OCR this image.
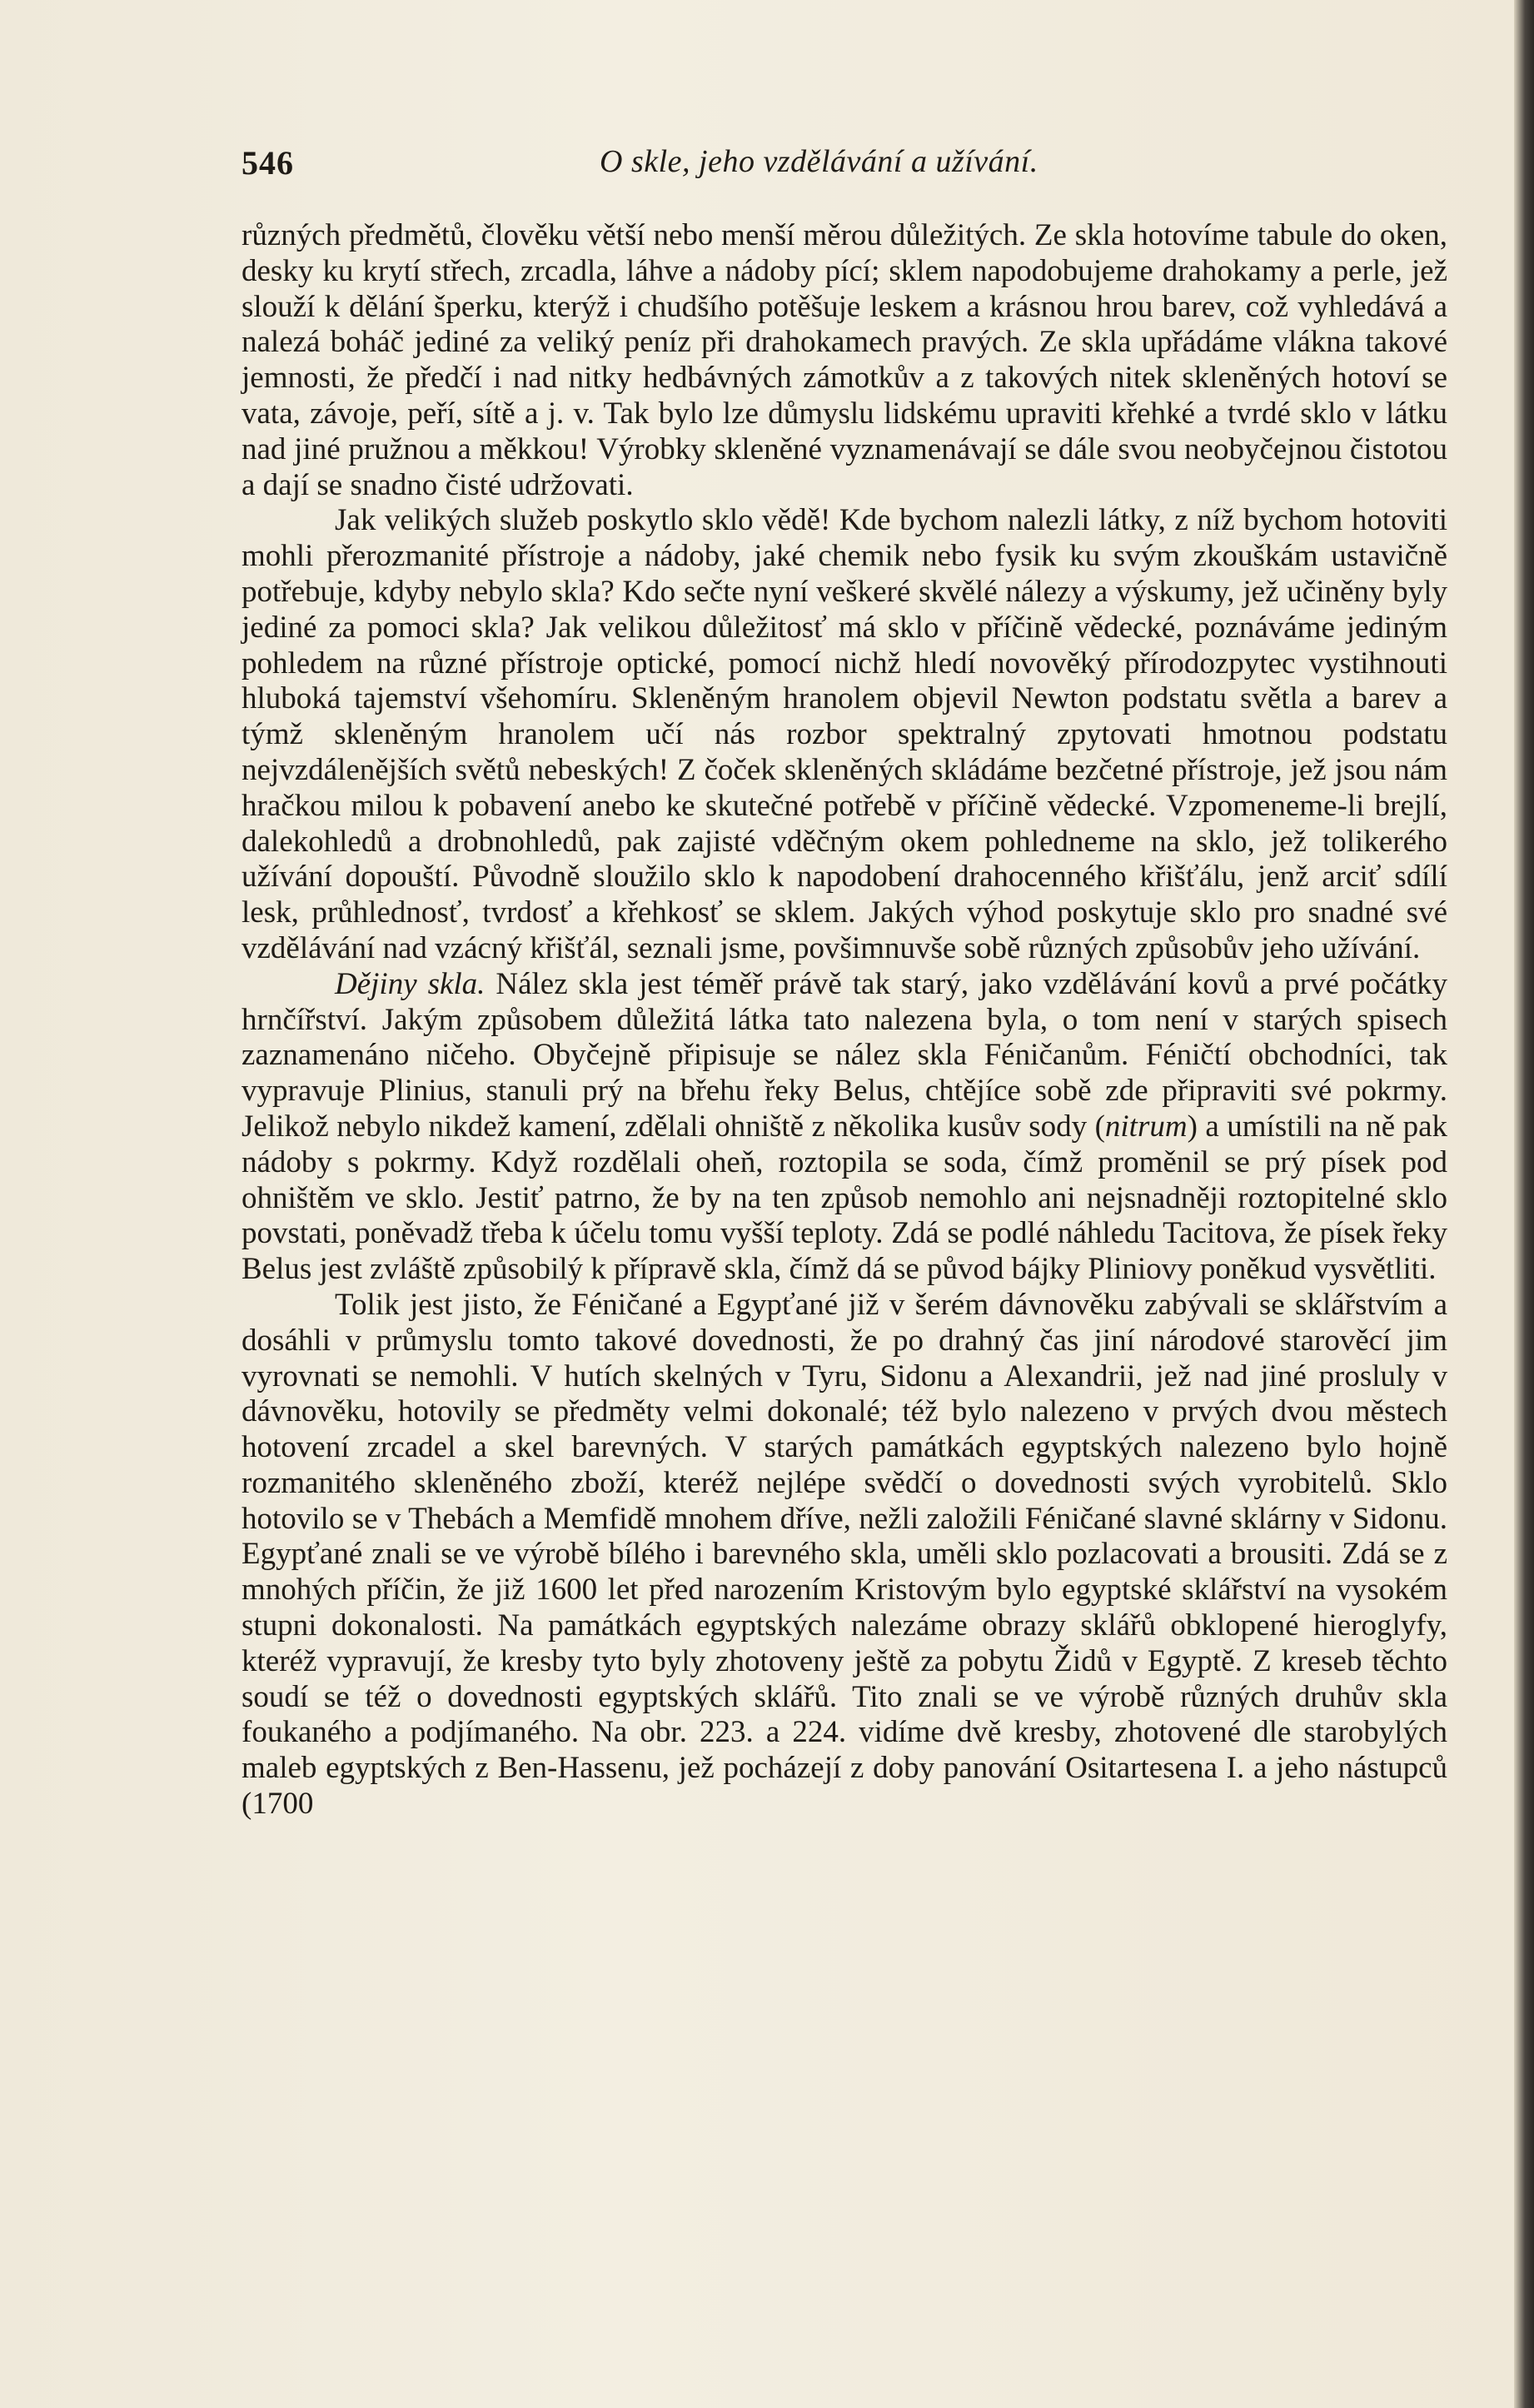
546	O skle, jeho vzdělávání a užívání.

různých předmětů, člověku větší nebo menší měrou důležitých. Ze skla hotovíme tabule do oken, desky ku krytí střech, zrcadla, láhve a nádoby pící; sklem napodobujeme drahokamy a perle, jež slouží k dělání šperku, kterýž i chudšího potěšuje leskem a krásnou hrou barev, což vyhledává a nalezá boháč jediné za veliký peníz při drahokamech pravých. Ze skla upřádáme vlákna takové jemnosti, že předčí i nad nitky hedbávných zámotkův a z takových nitek skleněných hotoví se vata, závoje, peří, sítě a j. v. Tak bylo lze důmyslu lidskému upraviti křehké a tvrdé sklo v látku nad jiné pružnou a měkkou! Výrobky skleněné vyznamenávají se dále svou neobyčejnou čistotou a dají se snadno čisté udržovati.

Jak velikých služeb poskytlo sklo vědě! Kde bychom nalezli látky, z níž bychom hotoviti mohli přerozmanité přístroje a nádoby, jaké chemik nebo fysik ku svým zkouškám ustavičně potřebuje, kdyby nebylo skla? Kdo sečte nyní veškeré skvělé nálezy a výskumy, jež učiněny byly jediné za pomoci skla? Jak velikou důležitosť má sklo v příčině vědecké, poznáváme jediným pohledem na různé přístroje optické, pomocí nichž hledí novověký přírodozpytec vystihnouti hluboká tajemství všehomíru. Skleněným hranolem objevil Newton podstatu světla a barev a týmž skleněným hranolem učí nás rozbor spektralný zpytovati hmotnou podstatu nejvzdálenějších světů nebeských! Z čoček skleněných skládáme bezčetné přístroje, jež jsou nám hračkou milou k pobavení anebo ke skutečné potřebě v příčině vědecké. Vzpomeneme-li brejlí, dalekohledů a drobnohledů, pak zajisté vděčným okem pohledneme na sklo, jež tolikerého užívání dopouští. Původně sloužilo sklo k napodobení drahocenného křišťálu, jenž arciť sdílí lesk, průhlednosť, tvrdosť a křehkosť se sklem. Jakých výhod poskytuje sklo pro snadné své vzdělávání nad vzácný křišťál, seznali jsme, povšimnuvše sobě různých způsobův jeho užívání.

Dějiny skla. Nález skla jest téměř právě tak starý, jako vzdělávání kovů a prvé počátky hrnčířství. Jakým způsobem důležitá látka tato nalezena byla, o tom není v starých spisech zaznamenáno ničeho. Obyčejně připisuje se nález skla Féničanům. Féničtí obchodníci, tak vypravuje Plinius, stanuli prý na břehu řeky Belus, chtějíce sobě zde připraviti své pokrmy. Jelikož nebylo nikdež kamení, zdělali ohniště z několika kusův sody (nitrum) a umístili na ně pak nádoby s pokrmy. Když rozdělali oheň, roztopila se soda, čímž proměnil se prý písek pod ohništěm ve sklo. Jestiť patrno, že by na ten způsob nemohlo ani nejsnadněji roztopitelné sklo povstati, poněvadž třeba k účelu tomu vyšší teploty. Zdá se podlé náhledu Tacitova, že písek řeky Belus jest zvláště způsobilý k přípravě skla, čímž dá se původ bájky Pliniovy poněkud vysvětliti.

Tolik jest jisto, že Féničané a Egypťané již v šerém dávnověku zabývali se sklářstvím a dosáhli v průmyslu tomto takové dovednosti, že po drahný čas jiní národové starověcí jim vyrovnati se nemohli. V hutích skelných v Tyru, Sidonu a Alexandrii, jež nad jiné prosluly v dávnověku, hotovily se předměty velmi dokonalé; též bylo nalezeno v prvých dvou městech hotovení zrcadel a skel barevných. V starých památkách egyptských nalezeno bylo hojně rozmanitého skleněného zboží, kteréž nejlépe svědčí o dovednosti svých vyrobitelů. Sklo hotovilo se v Thebách a Memfidě mnohem dříve, nežli založili Féničané slavné sklárny v Sidonu. Egypťané znali se ve výrobě bílého i barevného skla, uměli sklo pozlacovati a brousiti. Zdá se z mnohých příčin, že již 1600 let před narozením Kristovým bylo egyptské sklářství na vysokém stupni dokonalosti. Na památkách egyptských nalezáme obrazy sklářů obklopené hieroglyfy, kteréž vypravují, že kresby tyto byly zhotoveny ještě za pobytu Židů v Egyptě. Z kreseb těchto soudí se též o dovednosti egyptských sklářů. Tito znali se ve výrobě různých druhův skla foukaného a podjímaného. Na obr. 223. a 224. vidíme dvě kresby, zhotovené dle starobylých maleb egyptských z Ben-Hassenu, jež pocházejí z doby panování Ositartesena I. a jeho nástupců (1700
